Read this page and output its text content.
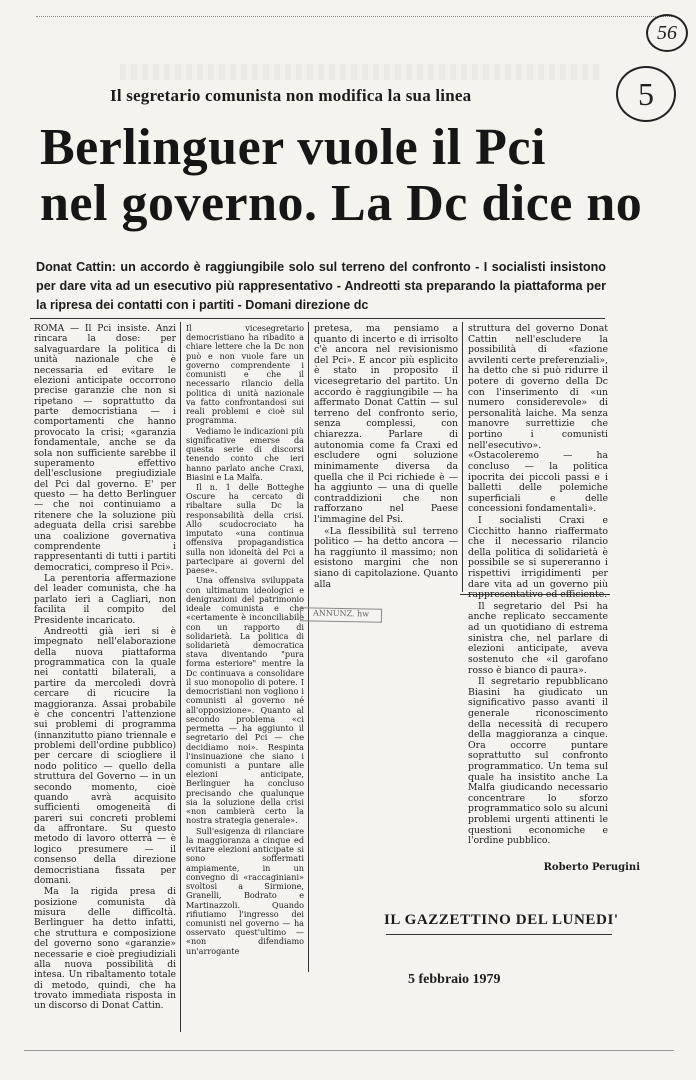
56
5
Il segretario comunista non modifica la sua linea
Berlinguer vuole il Pci
nel governo. La Dc dice no
Donat Cattin: un accordo è raggiungibile solo sul terreno del confronto - I socialisti insistono per dare vita ad un esecutivo più rappresentativo - Andreotti sta preparando la piattaforma per la ripresa dei contatti con i partiti - Domani direzione dc

ROMA — Il Pci insiste. Anzi rincara la dose: per salvaguardare la politica di unità nazionale che è necessaria ed evitare le elezioni anticipate occorrono precise garanzie che non si ripetano — soprattutto da parte democristiana — i comportamenti che hanno provocato la crisi; «garanzia fondamentale, anche se da sola non sufficiente sarebbe il superamento effettivo dell'esclusione pregiudiziale del Pci dal governo. E' per questo — ha detto Berlinguer — che noi continuiamo a ritenere che la soluzione più adeguata della crisi sarebbe una coalizione governativa comprendente i rappresentanti di tutti i partiti democratici, compreso il Pci».

La perentoria affermazione del leader comunista, che ha parlato ieri a Cagliari, non facilita il compito del Presidente incaricato.

Andreotti già ieri si è impegnato nell'elaborazione della nuova piattaforma programmatica con la quale nei contatti bilaterali, a partire da mercoledì dovrà cercare di ricucire la maggioranza. Assai probabile è che concentri l'attenzione sui problemi di programma (innanzitutto piano triennale e problemi dell'ordine pubblico) per cercare di sciogliere il nodo politico — quello della struttura del Governo — in un secondo momento, cioè quando avrà acquisito sufficienti omogeneità di pareri sui concreti problemi da affrontare. Su questo metodo di lavoro otterrà — è logico presumere — il consenso della direzione democristiana fissata per domani.

Ma la rigida presa di posizione comunista dà misura delle difficoltà. Berlinguer ha detto infatti, che struttura e composizione del governo sono «garanzie» necessarie e cioè pregiudiziali alla nuova possibilità di intesa. Un ribaltamento totale di metodo, quindi, che ha trovato immediata risposta in un discorso di Donat Cattin.

Il vicesegretario democristiano ha ribadito a chiare lettere che la Dc non può e non vuole fare un governo comprendente i comunisti e che il necessario rilancio della politica di unità nazionale va fatto confrontandosi sui reali problemi e cioè sul programma.

Vediamo le indicazioni più significative emerse da questa serie di discorsi tenendo conto che ieri hanno parlato anche Craxi, Biasini e La Malfa.

Il n. 1 delle Botteghe Oscure ha cercato di ribaltare sulla Dc la responsabilità della crisi. Allo scudocrociato ha imputato «una continua offensiva propagandistica sulla non idoneità del Pci a partecipare ai governi del paese».

Una offensiva sviluppata con ultimatum ideologici e denigrazioni del patrimonio ideale comunista e che «certamente è inconciliabile con un rapporto di solidarietà. La politica di solidarietà democratica stava diventando "pura forma esteriore" mentre la Dc continuava a consolidare il suo monopolio di potere. I democristiani non vogliono i comunisti al governo né all'opposizione». Quanto al secondo problema «ci permetta — ha aggiunto il segretario del Pci — che decidiamo noi». Respinta l'insinuazione che siano i comunisti a puntare alle elezioni anticipate, Berlinguer ha concluso precisando che qualunque sia la soluzione della crisi «non cambierà certo la nostra strategia generale».

Sull'esigenza di rilanciare la maggioranza a cinque ed evitare elezioni anticipate si sono soffermati ampiamente, in un convegno di «raccaginiani» svoltosi a Sirmione, Granelli, Bodrato e Martinazzoli. Quando rifiutiamo l'ingresso dei comunisti nel governo — ha osservato quest'ultimo — «non difendiamo un'arrogante

pretesa, ma pensiamo a quanto di incerto e di irrisolto c'è ancora nel revisionismo del Pci». E ancor più esplicito è stato in proposito il vicesegretario del partito. Un accordo è raggiungibile — ha affermato Donat Cattin — sul terreno del confronto serio, senza complessi, con chiarezza. Parlare di autonomia come fa Craxi ed escludere ogni soluzione minimamente diversa da quella che il Pci richiede è — ha aggiunto — una di quelle contraddizioni che non rafforzano nel Paese l'immagine del Psi.

«La flessibilità sul terreno politico — ha detto ancora — ha raggiunto il massimo; non esistono margini che non siano di capitolazione. Quanto alla

ANNUNZ. hw

struttura del governo Donat Cattin nell'escludere la possibilità di «fazione avvilenti certe preferenziali», ha detto che si può ridurre il potere di governo della Dc con l'inserimento di «un numero considerevole» di personalità laiche. Ma senza manovre surrettizie che portino i comunisti nell'esecutivo». «Ostacoleremo — ha concluso — la politica ipocrita dei piccoli passi e i balletti delle polemiche superficiali e delle concessioni fondamentali».

I socialisti Craxi e Cicchitto hanno riaffermato che il necessario rilancio della politica di solidarietà è possibile se si supereranno i rispettivi irrigidimenti per dare vita ad un governo più rappresentativo ed efficiente.

Il segretario del Psi ha anche replicato seccamente ad un quotidiano di estrema sinistra che, nel parlare di elezioni anticipate, aveva sostenuto che «il garofano rosso è bianco di paura».

Il segretario repubblicano Biasini ha giudicato un significativo passo avanti il generale riconoscimento della necessità di recupero della maggioranza a cinque. Ora occorre puntare soprattutto sul confronto programmatico. Un tema sul quale ha insistito anche La Malfa giudicando necessario concentrare lo sforzo programmatico solo su alcuni problemi urgenti attinenti le questioni economiche e l'ordine pubblico.

Roberto Perugini
IL GAZZETTINO DEL LUNEDI'
5 febbraio 1979
